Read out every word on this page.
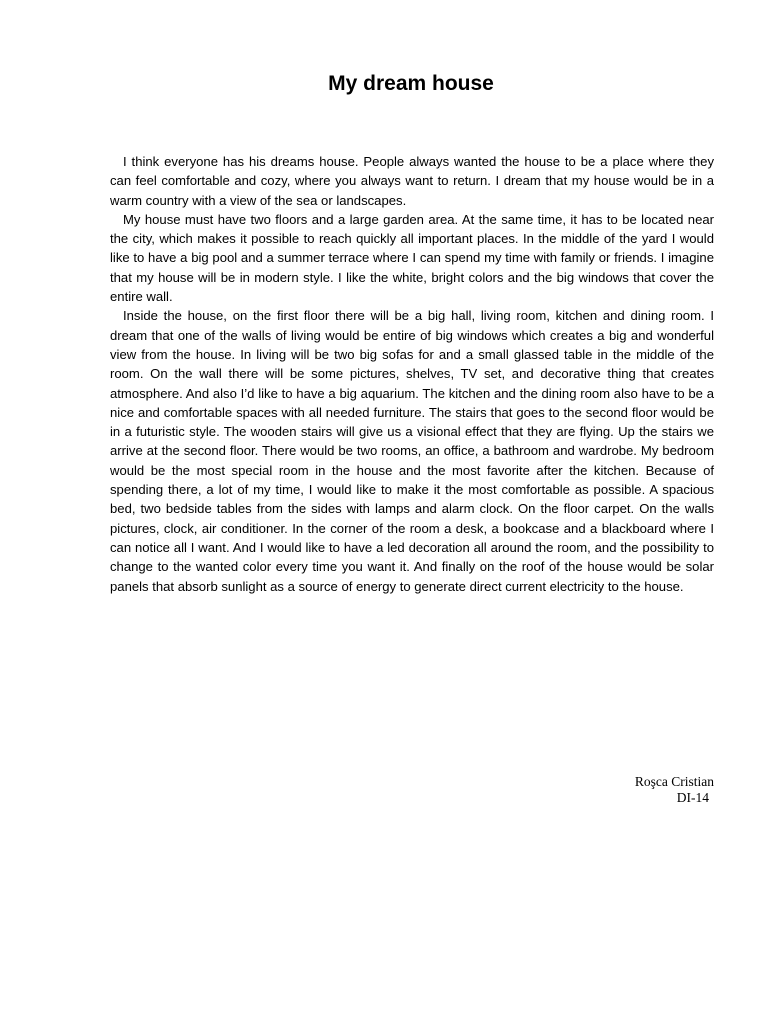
My dream house

I think everyone has his dreams house. People always wanted the house to be a place where they can feel comfortable and cozy, where you always want to return. I dream that my house would be in a warm country with a view of the sea or landscapes.

My house must have two floors and a large garden area. At the same time, it has to be located near the city, which makes it possible to reach quickly all important places. In the middle of the yard I would like to have a big pool and a summer terrace where I can spend my time with family or friends. I imagine that my house will be in modern style. I like the white, bright colors and the big windows that cover the entire wall.

Inside the house, on the first floor there will be a big hall, living room, kitchen and dining room. I dream that one of the walls of living would be entire of big windows which creates a big and wonderful view from the house. In living will be two big sofas for and a small glassed table in the middle of the room. On the wall there will be some pictures, shelves, TV set, and decorative thing that creates atmosphere. And also I’d like to have a big aquarium. The kitchen and the dining room also have to be a nice and comfortable spaces with all needed furniture. The stairs that goes to the second floor would be in a futuristic style. The wooden stairs will give us a visional effect that they are flying. Up the stairs we arrive at the second floor. There would be two rooms, an office, a bathroom and wardrobe. My bedroom would be the most special room in the house and the most favorite after the kitchen. Because of spending there, a lot of my time, I would like to make it the most comfortable as possible. A spacious bed, two bedside tables from the sides with lamps and alarm clock. On the floor carpet. On the walls pictures, clock, air conditioner. In the corner of the room a desk, a bookcase and a blackboard where I can notice all I want. And I would like to have a led decoration all around the room, and the possibility to change to the wanted color every time you want it. And finally on the roof of the house would be solar panels that absorb sunlight as a source of energy to generate direct current electricity to the house.

Roşca Cristian
DI-14
